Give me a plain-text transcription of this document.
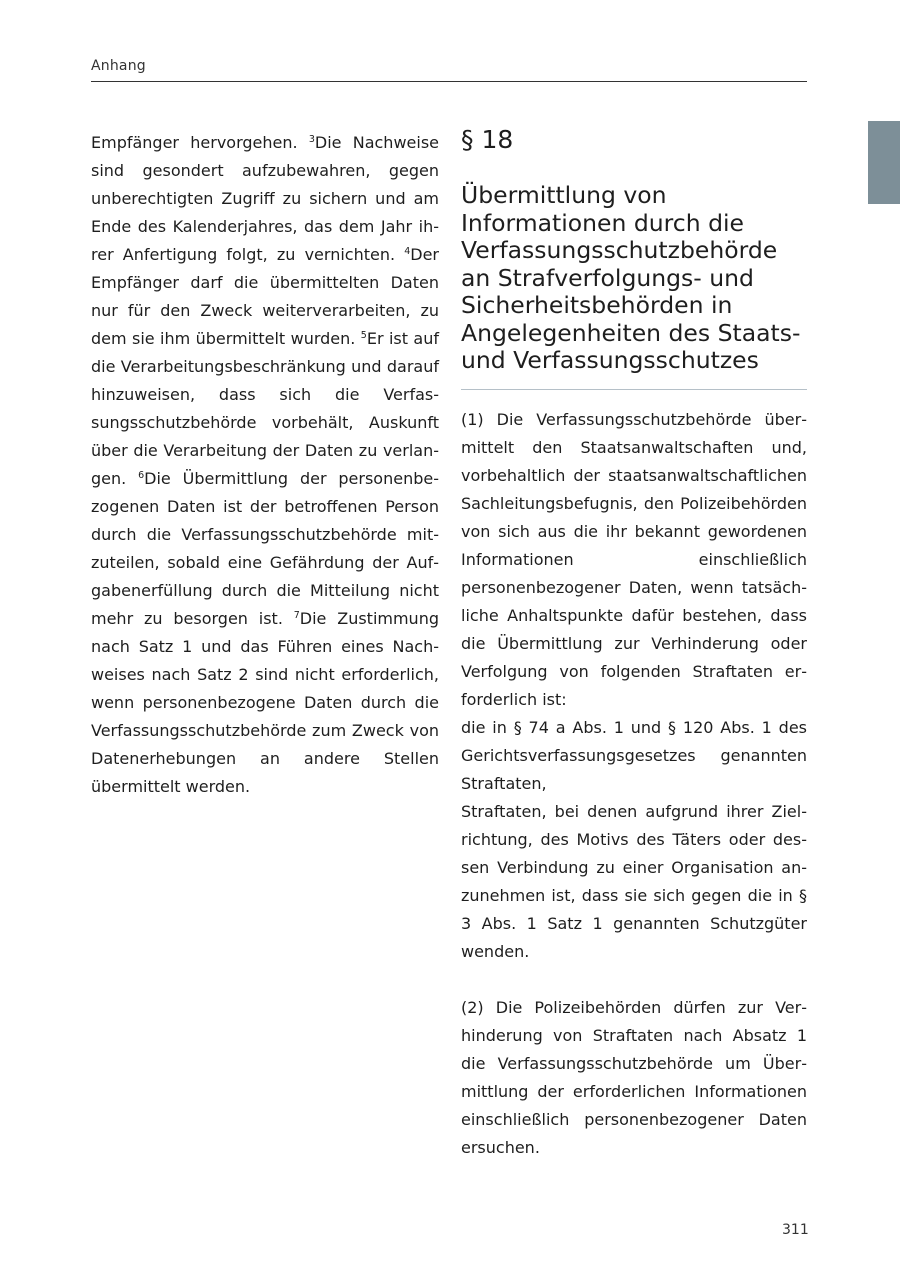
Anhang

Empfänger hervorgehen. $^3$Die Nachweise sind gesondert aufzubewahren, gegen unberechtigten Zugriff zu sichern und am Ende des Kalenderjahres, das dem Jahr ihrer Anfertigung folgt, zu vernichten. $^4$Der Empfänger darf die übermittelten Daten nur für den Zweck weiterverarbeiten, zu dem sie ihm übermittelt wurden. $^5$Er ist auf die Verarbeitungsbeschränkung und darauf hinzuweisen, dass sich die Verfassungsschutzbehörde vorbehält, Auskunft über die Verarbeitung der Daten zu verlangen. $^6$Die Übermittlung der personenbezogenen Daten ist der betroffenen Person durch die Verfassungsschutzbehörde mitzuteilen, sobald eine Gefährdung der Aufgabenerfüllung durch die Mitteilung nicht mehr zu besorgen ist. $^7$Die Zustimmung nach Satz 1 und das Führen eines Nachweises nach Satz 2 sind nicht erforderlich, wenn personenbezogene Daten durch die Verfassungsschutzbehörde zum Zweck von Datenerhebungen an andere Stellen übermittelt werden.

§ 18
Übermittlung von
Informationen durch die
Verfassungsschutzbehörde
an Strafverfolgungs- und
Sicherheitsbehörden in
Angelegenheiten des Staats-
und Verfassungsschutzes

(1) Die Verfassungsschutzbehörde übermittelt den Staatsanwaltschaften und, vorbehaltlich der staatsanwaltschaftlichen Sachleitungsbefugnis, den Polizeibehörden von sich aus die ihr bekannt gewordenen Informationen einschließlich personenbezogener Daten, wenn tatsächliche Anhaltspunkte dafür bestehen, dass die Übermittlung zur Verhinderung oder Verfolgung von folgenden Straftaten erforderlich ist:

die in § 74 a Abs. 1 und § 120 Abs. 1 des Gerichtsverfassungsgesetzes genannten Straftaten,

Straftaten, bei denen aufgrund ihrer Zielrichtung, des Motivs des Täters oder dessen Verbindung zu einer Organisation anzunehmen ist, dass sie sich gegen die in § 3 Abs. 1 Satz 1 genannten Schutzgüter wenden.

(2) Die Polizeibehörden dürfen zur Verhinderung von Straftaten nach Absatz 1 die Verfassungsschutzbehörde um Übermittlung der erforderlichen Informationen einschließlich personenbezogener Daten ersuchen.

311
